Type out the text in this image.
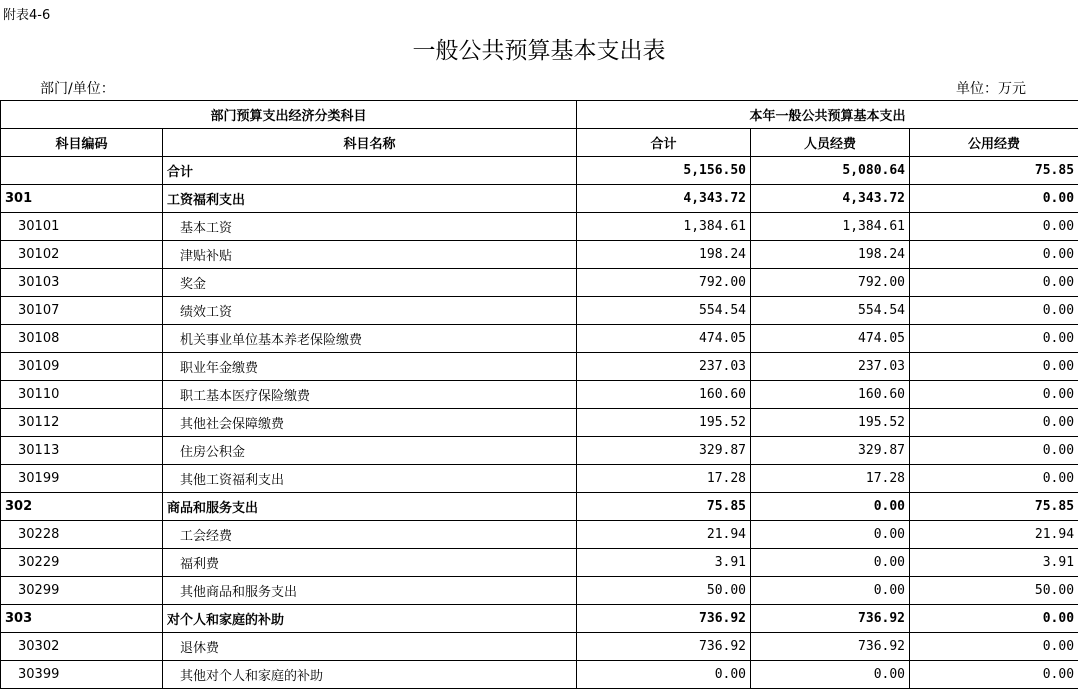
附表4-6
一般公共预算基本支出表
部门/单位：	单位：万元
部门预算支出经济分类科目		本年一般公共预算基本支出		
科目编码	科目名称	合计	人员经费	公用经费
	合计	5,156.50	5,080.64	75.85
301	工资福利支出	4,343.72	4,343.72	0.00
30101	基本工资	1,384.61	1,384.61	0.00
30102	津贴补贴	198.24	198.24	0.00
30103	奖金	792.00	792.00	0.00
30107	绩效工资	554.54	554.54	0.00
30108	机关事业单位基本养老保险缴费	474.05	474.05	0.00
30109	职业年金缴费	237.03	237.03	0.00
30110	职工基本医疗保险缴费	160.60	160.60	0.00
30112	其他社会保障缴费	195.52	195.52	0.00
30113	住房公积金	329.87	329.87	0.00
30199	其他工资福利支出	17.28	17.28	0.00
302	商品和服务支出	75.85	0.00	75.85
30228	工会经费	21.94	0.00	21.94
30229	福利费	3.91	0.00	3.91
30299	其他商品和服务支出	50.00	0.00	50.00
303	对个人和家庭的补助	736.92	736.92	0.00
30302	退休费	736.92	736.92	0.00
30399	其他对个人和家庭的补助	0.00	0.00	0.00
